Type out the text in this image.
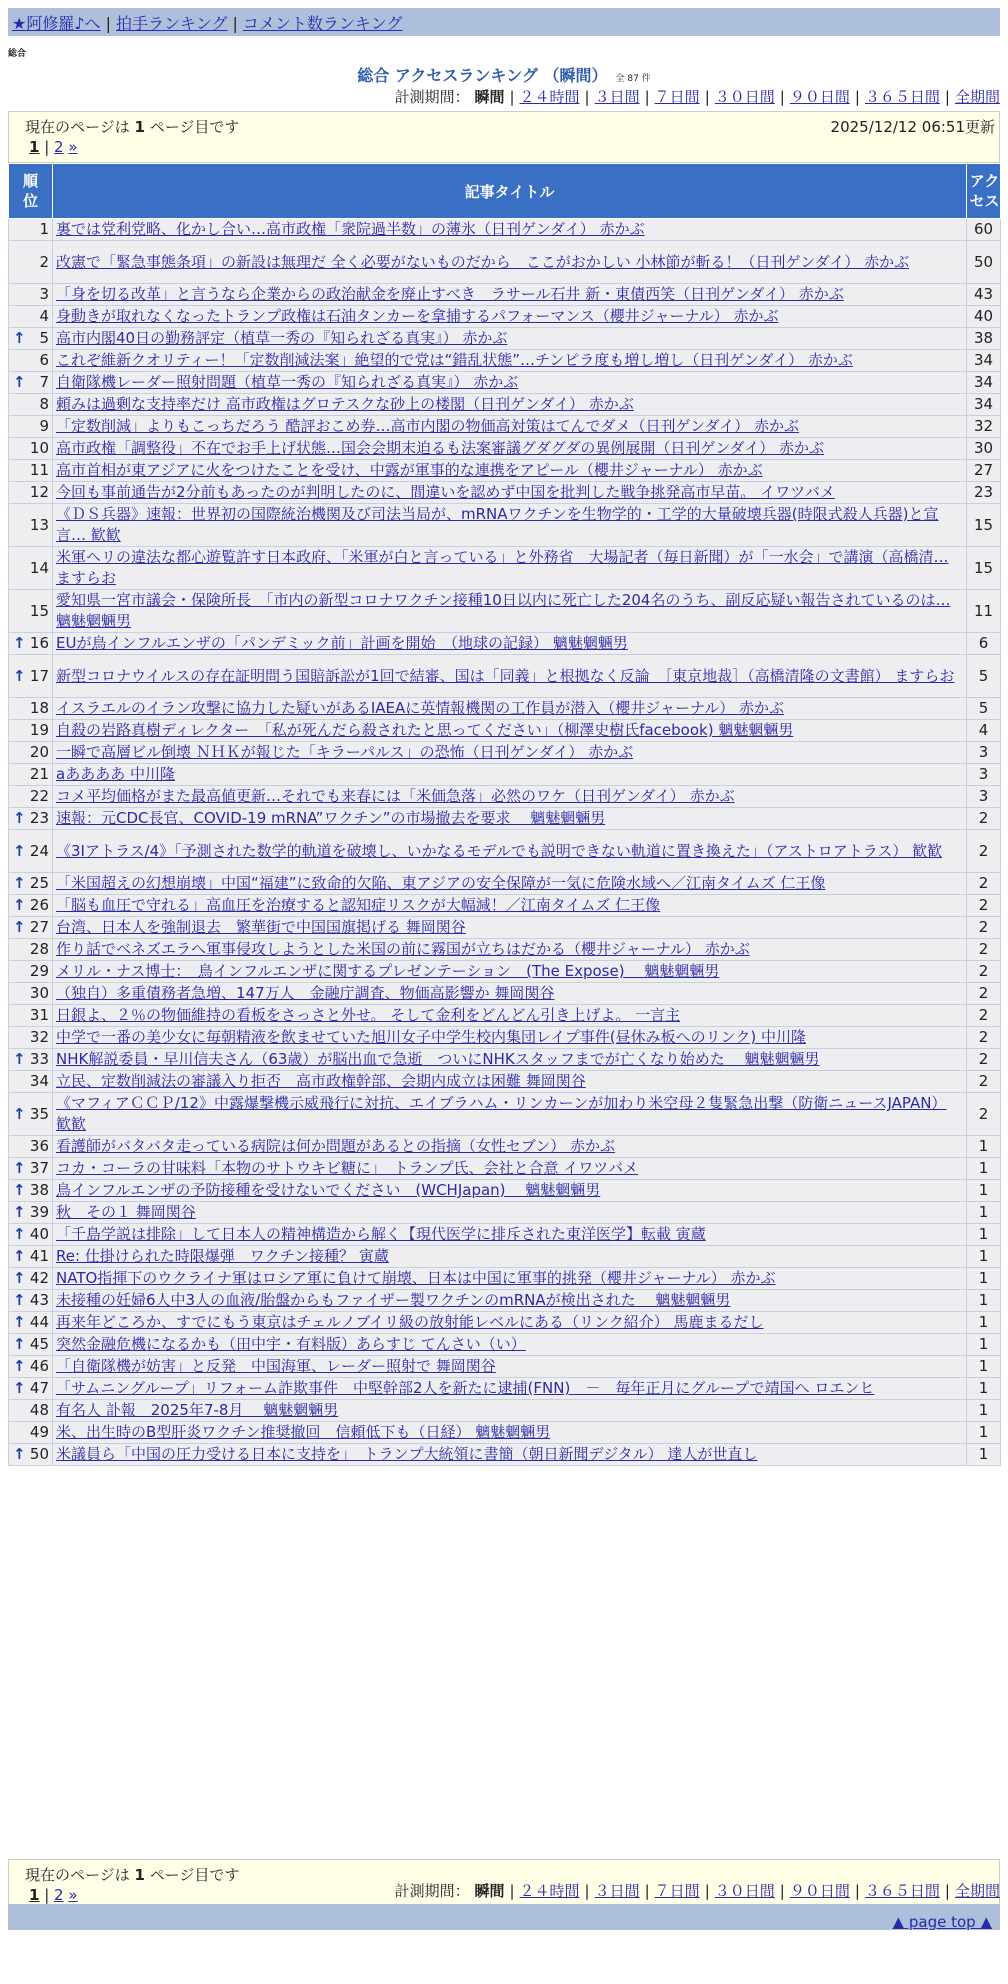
★阿修羅♪へ | 拍手ランキング | コメント数ランキング
総合
総合 アクセスランキング （瞬間） 全 87 件
計測期間： 瞬間 | ２４時間 | ３日間 | ７日間 | ３０日間 | ９０日間 | ３６５日間 | 全期間
現在のページは 1 ページ目です	2025/12/12 06:51更新
1 | 2 »
順位	記事タイトル	アクセス
1	裏では党利党略、化かし合い…高市政権「衆院過半数」の薄氷（日刊ゲンダイ） 赤かぶ	60
2	改憲で「緊急事態条項」の新設は無理だ 全く必要がないものだから　ここがおかしい 小林節が斬る！（日刊ゲンダイ） 赤かぶ	50
3	「身を切る改革」と言うなら企業からの政治献金を廃止すべき　ラサール石井 新・東債西笑（日刊ゲンダイ） 赤かぶ	43
4	身動きが取れなくなったトランプ政権は石油タンカーを拿捕するパフォーマンス（櫻井ジャーナル） 赤かぶ	40

↑ 5	高市内閣40日の勤務評定（植草一秀の『知られざる真実』） 赤かぶ	38
6	これぞ維新クオリティー！「定数削減法案」絶望的で党は“錯乱状態”…チンピラ度も増し増し（日刊ゲンダイ） 赤かぶ	34

↑ 7	自衛隊機レーダー照射問題（植草一秀の『知られざる真実』） 赤かぶ	34
8	頼みは過剰な支持率だけ 高市政権はグロテスクな砂上の楼閣（日刊ゲンダイ） 赤かぶ	34
9	「定数削減」よりもこっちだろう 酷評おこめ券…高市内閣の物価高対策はてんでダメ（日刊ゲンダイ） 赤かぶ	32
10	高市政権「調整役」不在でお手上げ状態…国会会期末迫るも法案審議グダグダの異例展開（日刊ゲンダイ） 赤かぶ	30
11	高市首相が東アジアに火をつけたことを受け、中露が軍事的な連携をアピール（櫻井ジャーナル） 赤かぶ	27
12	今回も事前通告が2分前もあったのが判明したのに、間違いを認めず中国を批判した戦争挑発高市早苗。 イワツバメ	23
13	《ＤＳ兵器》速報：世界初の国際統治機関及び司法当局が、mRNAワクチンを生物学的・工学的大量破壊兵器(時限式殺人兵器)と宣言… 歓歓	15
14	米軍ヘリの違法な都心遊覧許す日本政府、「米軍が白と言っている」と外務省　大場記者（毎日新聞）が「一水会」で講演（高橋清… ますらお	15
15	愛知県一宮市議会・保険所長　「市内の新型コロナワクチン接種10日以内に死亡した204名のうち、副反応疑い報告されているのは… 魑魅魍魎男	11

↑ 16	EUが鳥インフルエンザの「パンデミック前」計画を開始　（地球の記録） 魑魅魍魎男	6

↑ 17	新型コロナウイルスの存在証明問う国賠訴訟が1回で結審、国は「同義」と根拠なく反論　［東京地裁］（高橋清隆の文書館） ますらお	5
18	イスラエルのイラン攻撃に協力した疑いがあるIAEAに英情報機関の工作員が潜入（櫻井ジャーナル） 赤かぶ	5
19	自殺の岩路真樹ディレクター　「私が死んだら殺されたと思ってください」（柳澤史樹氏facebook) 魑魅魍魎男	4
20	一瞬で高層ビル倒壊 ＮＨＫが報じた「キラーパルス」の恐怖（日刊ゲンダイ） 赤かぶ	3
21	aああああ 中川隆	3
22	コメ平均価格がまた最高値更新…それでも来春には「米価急落」必然のワケ（日刊ゲンダイ） 赤かぶ	3

↑ 23	速報：元CDC長官、COVID-19 mRNA”ワクチン”の市場撤去を要求　 魑魅魍魎男	2

↑ 24	《3Iアトラス/4》「予測された数学的軌道を破壊し、いかなるモデルでも説明できない軌道に置き換えた」（アストロアトラス） 歓歓	2

↑ 25	「米国超えの幻想崩壊」中国“福建”に致命的欠陥、東アジアの安全保障が一気に危険水域へ／江南タイムズ 仁王像	2

↑ 26	「脳も血圧で守れる」高血圧を治療すると認知症リスクが大幅減！／江南タイムズ 仁王像	2

↑ 27	台湾、日本人を強制退去　繁華街で中国国旗掲げる 舞岡関谷	2
28	作り話でベネズエラへ軍事侵攻しようとした米国の前に霧国が立ちはだかる（櫻井ジャーナル） 赤かぶ	2
29	メリル・ナス博士：　鳥インフルエンザに関するプレゼンテーション　(The Expose)　 魑魅魍魎男	2
30	（独自）多重債務者急増、147万人　金融庁調査、物価高影響か 舞岡関谷	2
31	日銀よ、２％の物価維持の看板をさっさと外せ。 そして金利をどんどん引き上げよ。 一言主	2
32	中学で一番の美少女に毎朝精液を飲ませていた旭川女子中学生校内集団レイプ事件(昼休み板へのリンク) 中川隆	2

↑ 33	NHK解説委員・早川信夫さん（63歳）が脳出血で急逝　ついにNHKスタッフまでが亡くなり始めた　 魑魅魍魎男	2
34	立民、定数削減法の審議入り拒否　高市政権幹部、会期内成立は困難 舞岡関谷	2

↑ 35	《マフィアＣＣＰ/12》中露爆撃機示威飛行に対抗、エイブラハム・リンカーンが加わり米空母２隻緊急出撃（防衛ニュースJAPAN） 歓歓	2
36	看護師がバタバタ走っている病院は何か問題があるとの指摘（女性セブン） 赤かぶ	1

↑ 37	コカ・コーラの甘味料「本物のサトウキビ糖に」　トランプ氏、会社と合意 イワツバメ	1

↑ 38	鳥インフルエンザの予防接種を受けないでください　(WCHJapan)　 魑魅魍魎男	1

↑ 39	秋　その１ 舞岡関谷	1

↑ 40	「千島学説は排除」して日本人の精神構造から解く【現代医学に排斥された東洋医学】転載 寅蔵	1

↑ 41	Re: 仕掛けられた時限爆弾　ワクチン接種？ 寅蔵	1

↑ 42	NATO指揮下のウクライナ軍はロシア軍に負けて崩壊、日本は中国に軍事的挑発（櫻井ジャーナル） 赤かぶ	1

↑ 43	未接種の妊婦6人中3人の血液/胎盤からもファイザー製ワクチンのmRNAが検出された　 魑魅魍魎男	1

↑ 44	再来年どころか、すでにもう東京はチェルノブイリ級の放射能レベルにある（リンク紹介） 馬鹿まるだし	1

↑ 45	突然金融危機になるかも（田中宇・有料版）あらすじ てんさい（い）	1

↑ 46	「自衛隊機が妨害」と反発　中国海軍、レーダー照射で 舞岡関谷	1

↑ 47	「サムニングループ」リフォーム詐欺事件　中堅幹部2人を新たに逮捕(FNN)　－　毎年正月にグループで靖国へ ロエンヒ	1
48	有名人 訃報　2025年7-8月　 魑魅魍魎男	1
49	米、出生時のB型肝炎ワクチン推奨撤回　信頼低下も（日経） 魑魅魍魎男	1

↑ 50	米議員ら「中国の圧力受ける日本に支持を」　トランプ大統領に書簡（朝日新聞デジタル） 達人が世直し	1
現在のページは 1 ページ目です
1 | 2 »	計測期間： 瞬間 | ２４時間 | ３日間 | ７日間 | ３０日間 | ９０日間 | ３６５日間 | 全期間
▲ page top ▲
